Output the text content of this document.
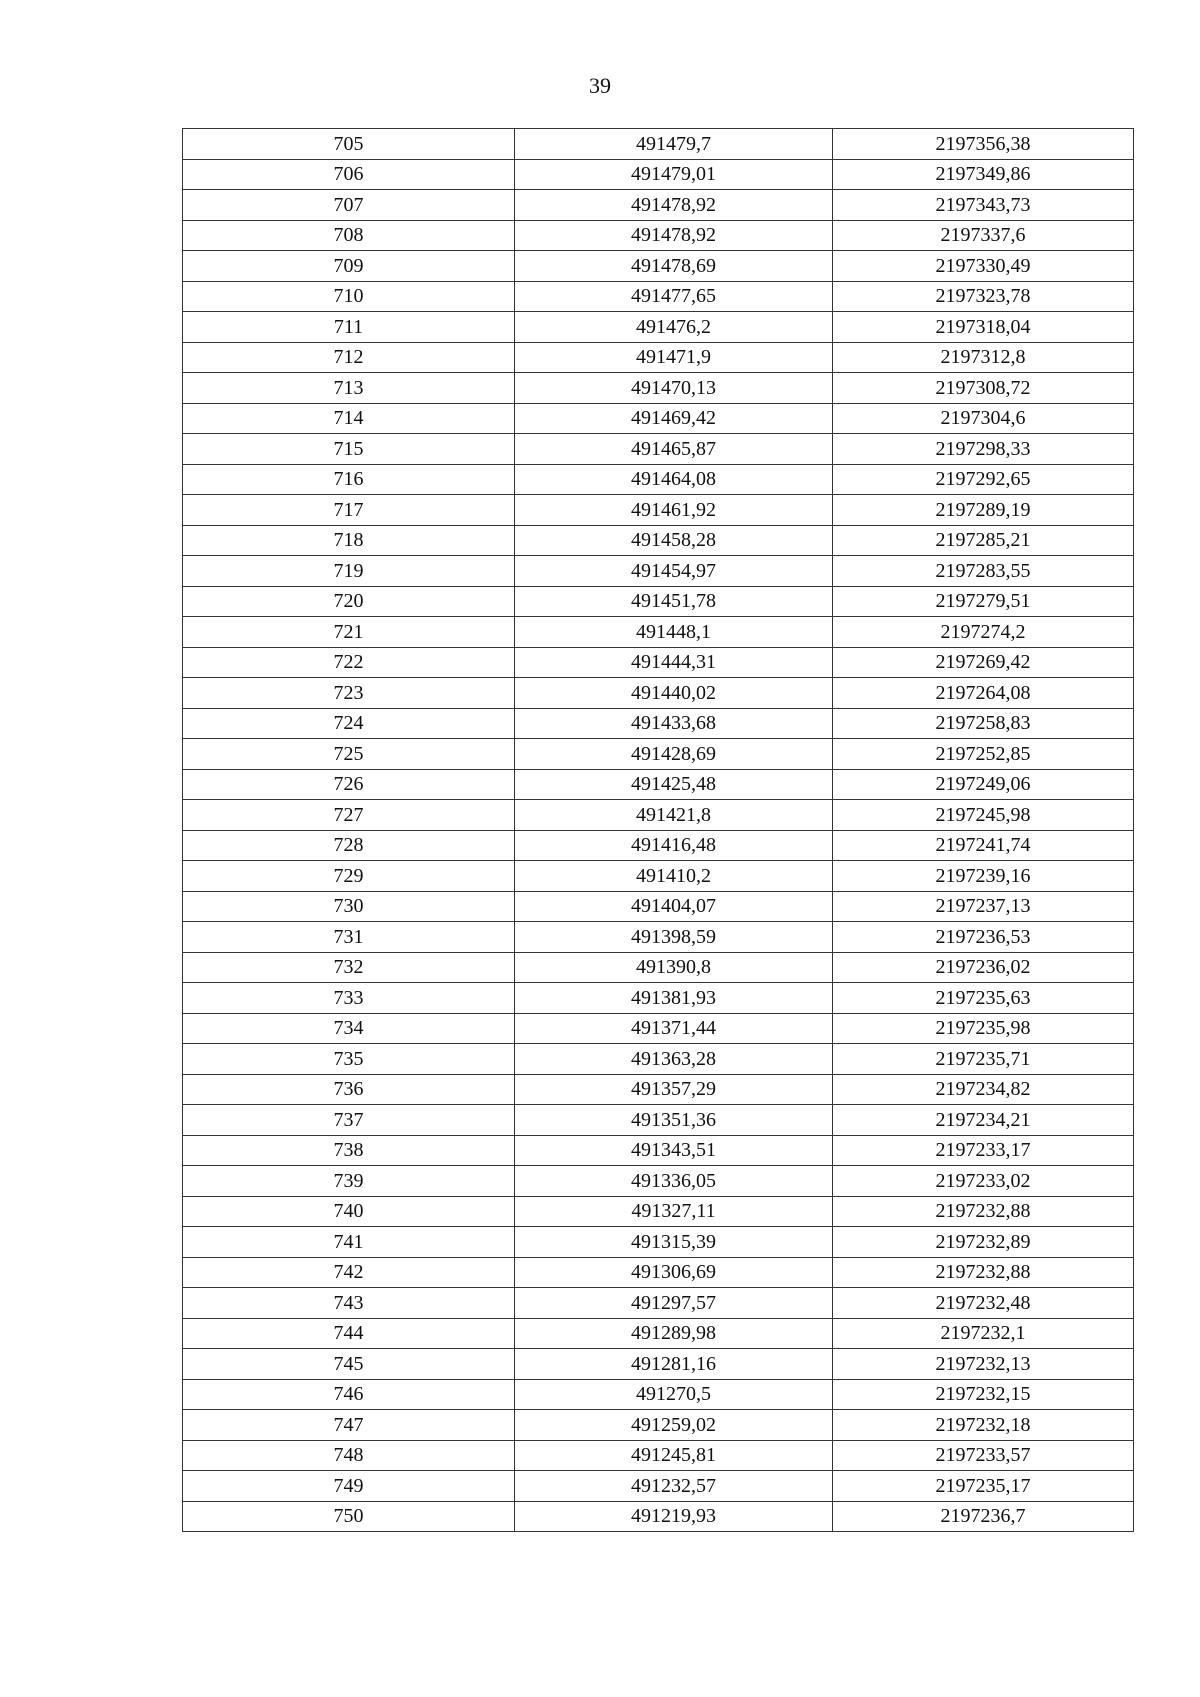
39
705	491479,7	2197356,38
706	491479,01	2197349,86
707	491478,92	2197343,73
708	491478,92	2197337,6
709	491478,69	2197330,49
710	491477,65	2197323,78
711	491476,2	2197318,04
712	491471,9	2197312,8
713	491470,13	2197308,72
714	491469,42	2197304,6
715	491465,87	2197298,33
716	491464,08	2197292,65
717	491461,92	2197289,19
718	491458,28	2197285,21
719	491454,97	2197283,55
720	491451,78	2197279,51
721	491448,1	2197274,2
722	491444,31	2197269,42
723	491440,02	2197264,08
724	491433,68	2197258,83
725	491428,69	2197252,85
726	491425,48	2197249,06
727	491421,8	2197245,98
728	491416,48	2197241,74
729	491410,2	2197239,16
730	491404,07	2197237,13
731	491398,59	2197236,53
732	491390,8	2197236,02
733	491381,93	2197235,63
734	491371,44	2197235,98
735	491363,28	2197235,71
736	491357,29	2197234,82
737	491351,36	2197234,21
738	491343,51	2197233,17
739	491336,05	2197233,02
740	491327,11	2197232,88
741	491315,39	2197232,89
742	491306,69	2197232,88
743	491297,57	2197232,48
744	491289,98	2197232,1
745	491281,16	2197232,13
746	491270,5	2197232,15
747	491259,02	2197232,18
748	491245,81	2197233,57
749	491232,57	2197235,17
750	491219,93	2197236,7
